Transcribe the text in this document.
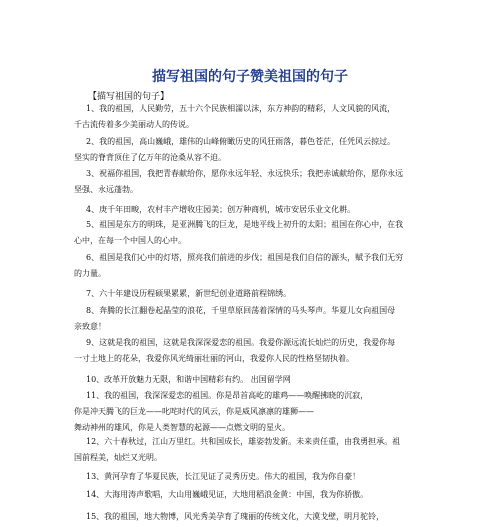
描写祖国的句子赞美祖国的句子
【描写祖国的句子】
1、我的祖国，人民勤劳，五十六个民族相濡以沫，东方神韵的精彩，人文风貌的风流，
千古流传着多少美丽动人的传说。
2、我的祖国，高山巍峨，雄伟的山峰俯瞰历史的风狂雨落，暮色苍茫，任凭风云掠过。
坚实的脊背顶住了亿万年的沧桑从容不迫。
3、祝福你祖国，我把青春献给你，愿你永远年轻、永远快乐；我把赤诚献给你，愿你永远
坚强、永远蓬勃。
4、庚千年田畯，农村丰产增收庄园美；创万种商机，城市安居乐业文化耕。
5、祖国是东方的明珠，是亚洲腾飞的巨龙，是地平线上初升的太阳；祖国在你心中，在我
心中，在每一个中国人的心中。
6、祖国是我们心中的灯塔，照亮我们前进的步伐；祖国是我们自信的源头，赋予我们无穷
的力量。
7、六十年建设历程硕果累累，新世纪创业道路前程锦绣。
8、奔腾的长江翻卷起晶莹的浪花，千里草原回荡着深情的马头琴声。华夏儿女向祖国母
亲致意！
9、这就是我的祖国，这就是我深深爱恋的祖国。我爱你源远流长灿烂的历史，我爱你每
一寸土地上的花朵，我爱你风光绮丽壮丽的河山，我爱你人民的性格坚韧执着。
10、改革开放魅力无限，和谐中国精彩有约。 出国留学网
11、我的祖国，我深深爱恋的祖国。你是昂首高屹的雄鸡——唤醒拂晓的沉寂，
你是冲天腾飞的巨龙——叱咤时代的风云，你是威风凛凛的雄狮——
舞动神州的雄风，你是人类智慧的起源——点燃文明的星火。
12、六十春秋过，江山万里红。共和国成长，雄姿勃发新。未来责任重，由我勇担承。祖
国前程美，灿烂又光明。
13、黄河孕育了华夏民族，长江见证了灵秀历史。伟大的祖国，我为你自豪！
14、大海用涛声歌唱，大山用巍峨见证，大地用稻浪金黄：中国，我为你骄傲。
15、我的祖国，地大物博，风光秀美孕育了瑰丽的传统文化，大漠戈壁，明月驼铃，
